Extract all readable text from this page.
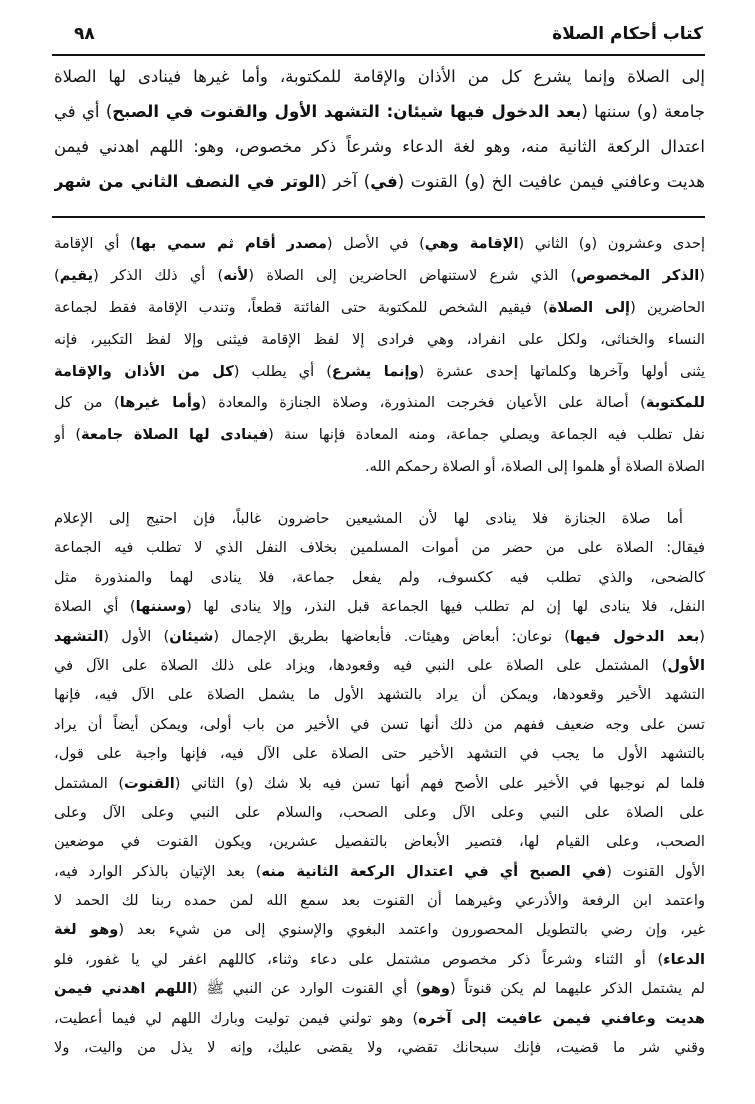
٩٨	كتاب أحكام الصلاة
إلى الصلاة وإنما يشرع كل من الأذان والإقامة للمكتوبة، وأما غيرها فينادى لها الصلاة
جامعة (و) سننها (بعد الدخول فيها شيئان: التشهد الأول والقنوت في الصبح) أي في
اعتدال الركعة الثانية منه، وهو لغة الدعاء وشرعاً ذكر مخصوص، وهو: اللهم اهدني فيمن
هديت وعافني فيمن عافيت الخ (و) القنوت (في) آخر (الوتر في النصف الثاني من شهر
إحدى وعشرون (و) الثاني (الإقامة وهي) في الأصل (مصدر أقام ثم سمي بها) أي الإقامة
(الذكر المخصوص) الذي شرع لاستنهاض الحاضرين إلى الصلاة (لأنه) أي ذلك الذكر (يقيم)
الحاضرين (إلى الصلاة) فيقيم الشخص للمكتوبة حتى الفائتة قطعاً، وتندب الإقامة فقط لجماعة
النساء والخناثى، ولكل على انفراد، وهي فرادى إلا لفظ الإقامة فيثنى وإلا لفظ التكبير، فإنه
يثنى أولها وآخرها وكلماتها إحدى عشرة (وإنما يشرع) أي يطلب (كل من الأذان والإقامة
للمكتوبة) أصالة على الأعيان فخرجت المنذورة، وصلاة الجنازة والمعادة (وأما غيرها) من كل
نفل تطلب فيه الجماعة ويصلي جماعة، ومنه المعادة فإنها سنة (فينادى لها الصلاة جامعة) أو
الصلاة الصلاة أو هلموا إلى الصلاة، أو الصلاة رحمكم الله.
أما صلاة الجنازة فلا ينادى لها لأن المشيعين حاضرون غالباً، فإن احتيج إلى الإعلام
فيقال: الصلاة على من حضر من أموات المسلمين بخلاف النفل الذي لا تطلب فيه الجماعة
كالضحى، والذي تطلب فيه ككسوف، ولم يفعل جماعة، فلا ينادى لهما والمنذورة مثل
النفل، فلا ينادى لها إن لم تطلب فيها الجماعة قبل النذر، وإلا ينادى لها (وسننها) أي الصلاة
(بعد الدخول فيها) نوعان: أبعاض وهيئات. فأبعاضها بطريق الإجمال (شيئان) الأول (التشهد
الأول) المشتمل على الصلاة على النبي فيه وقعودها، ويزاد على ذلك الصلاة على الآل في
التشهد الأخير وقعودها، ويمكن أن يراد بالتشهد الأول ما يشمل الصلاة على الآل فيه، فإنها
تسن على وجه ضعيف ففهم من ذلك أنها تسن في الأخير من باب أولى، ويمكن أيضاً أن يراد
بالتشهد الأول ما يجب في التشهد الأخير حتى الصلاة على الآل فيه، فإنها واجبة على قول،
فلما لم نوجبها في الأخير على الأصح فهم أنها تسن فيه بلا شك (و) الثاني (القنوت) المشتمل
على الصلاة على النبي وعلى الآل وعلى الصحب، والسلام على النبي وعلى الآل وعلى
الصحب، وعلى القيام لها، فتصير الأبعاض بالتفصيل عشرين، ويكون القنوت في موضعين
الأول القنوت (في الصبح أي في اعتدال الركعة الثانية منه) بعد الإتيان بالذكر الوارد فيه،
واعتمد ابن الرفعة والأذرعي وغيرهما أن القنوت بعد سمع الله لمن حمده ربنا لك الحمد لا
غير، وإن رضي بالتطويل المحصورون واعتمد البغوي والإسنوي إلى من شيء بعد (وهو لغة
الدعاء) أو الثناء وشرعاً ذكر مخصوص مشتمل على دعاء وثناء، كاللهم اغفر لي يا غفور، فلو
لم يشتمل الذكر عليهما لم يكن قنوتاً (وهو) أي القنوت الوارد عن النبي ﷺ (اللهم اهدني فيمن
هديت وعافني فيمن عافيت إلى آخره) وهو تولني فيمن توليت وبارك اللهم لي فيما أعطيت،
وقني شر ما قضيت، فإنك سبحانك تقضي، ولا يقضى عليك، وإنه لا يذل من واليت، ولا
